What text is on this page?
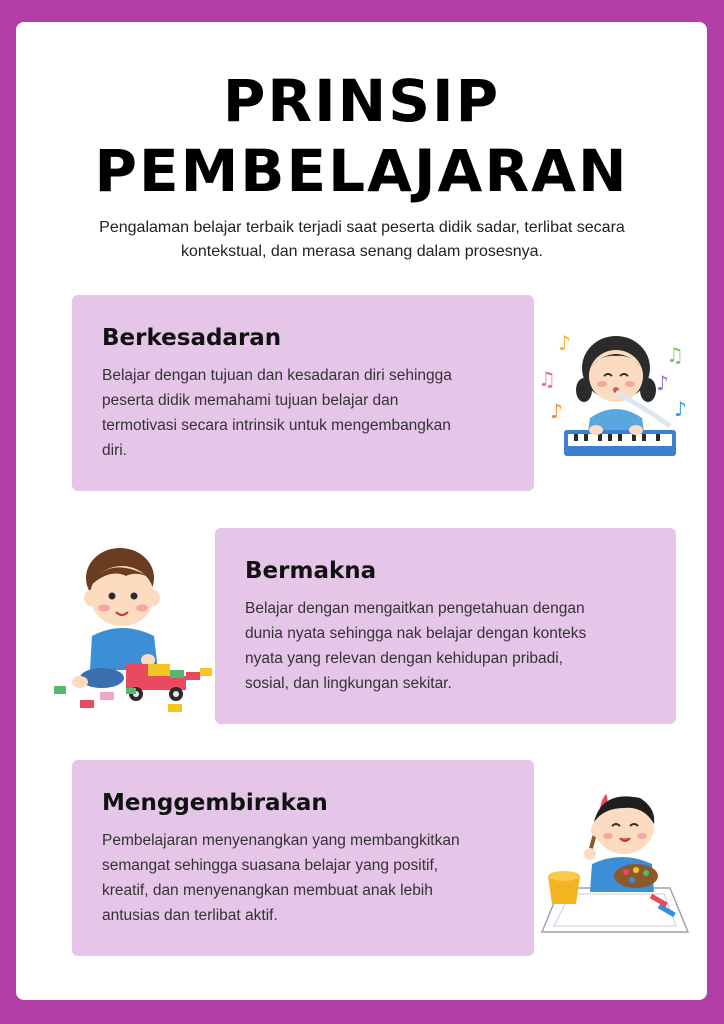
PRINSIP
PEMBELAJARAN

Pengalaman belajar terbaik terjadi saat peserta didik sadar, terlibat secara
kontekstual, dan merasa senang dalam prosesnya.

Berkesadaran

Belajar dengan tujuan dan kesadaran diri sehingga
peserta didik memahami tujuan belajar dan
termotivasi secara intrinsik untuk mengembangkan
diri.

♪
♫
♫
♪
♪	♪
Bermakna

Belajar dengan mengaitkan pengetahuan dengan
dunia nyata sehingga nak belajar dengan konteks
nyata yang relevan dengan kehidupan pribadi,
sosial, dan lingkungan sekitar.

Menggembirakan

Pembelajaran menyenangkan yang membangkitkan
semangat sehingga suasana belajar yang positif,
kreatif, dan menyenangkan membuat anak lebih
antusias dan terlibat aktif.
